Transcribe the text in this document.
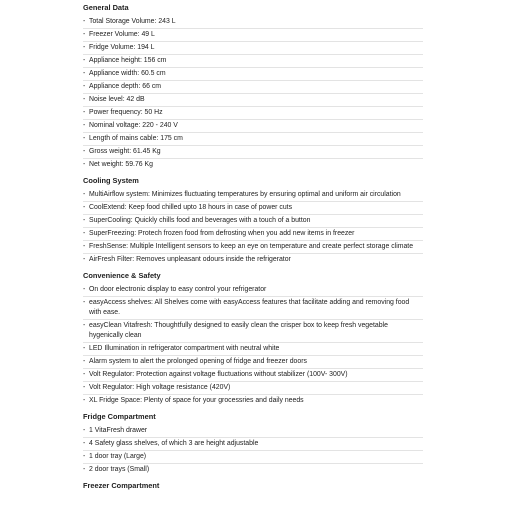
General Data
- Total Storage Volume: 243 L
- Freezer Volume: 49 L
- Fridge Volume: 194 L
- Appliance height: 156 cm
- Appliance width: 60.5 cm
- Appliance depth: 66 cm
- Noise level: 42 dB
- Power frequency: 50 Hz
- Nominal voltage: 220 - 240 V
- Length of mains cable: 175 cm
- Gross weight: 61.45 Kg
- Net weight: 59.76 Kg
Cooling System
- MultiAirflow system: Minimizes fluctuating temperatures by ensuring optimal and uniform air circulation
- CoolExtend: Keep food chilled upto 18 hours in case of power cuts
- SuperCooling: Quickly chills food and beverages with a touch of a button
- SuperFreezing: Protech frozen food from defrosting when you add new items in freezer
- FreshSense: Multiple Intelligent sensors to keep an eye on temperature and create perfect storage climate
- AirFresh Filter: Removes unpleasant odours inside the refrigerator
Convenience & Safety
- On door electronic display to easy control your refrigerator
- easyAccess shelves: All Shelves come with easyAccess features that facilitate adding and removing food with ease.
- easyClean Vitafresh: Thoughtfully designed to easily clean the crisper box to keep fresh vegetable hygenically clean
- LED Illumination in refrigerator compartment with neutral white
- Alarm system to alert the prolonged opening of fridge and freezer doors
- Volt Regulator: Protection against voltage fluctuations without stabilizer (100V- 300V)
- Volt Regulator: High voltage resistance (420V)
- XL Fridge Space: Plenty of space for your grocessries and daily needs
Fridge Compartment
- 1 VitaFresh drawer
- 4 Safety glass shelves, of which 3 are height adjustable
- 1 door tray (Large)
- 2 door trays (Small)
Freezer Compartment
